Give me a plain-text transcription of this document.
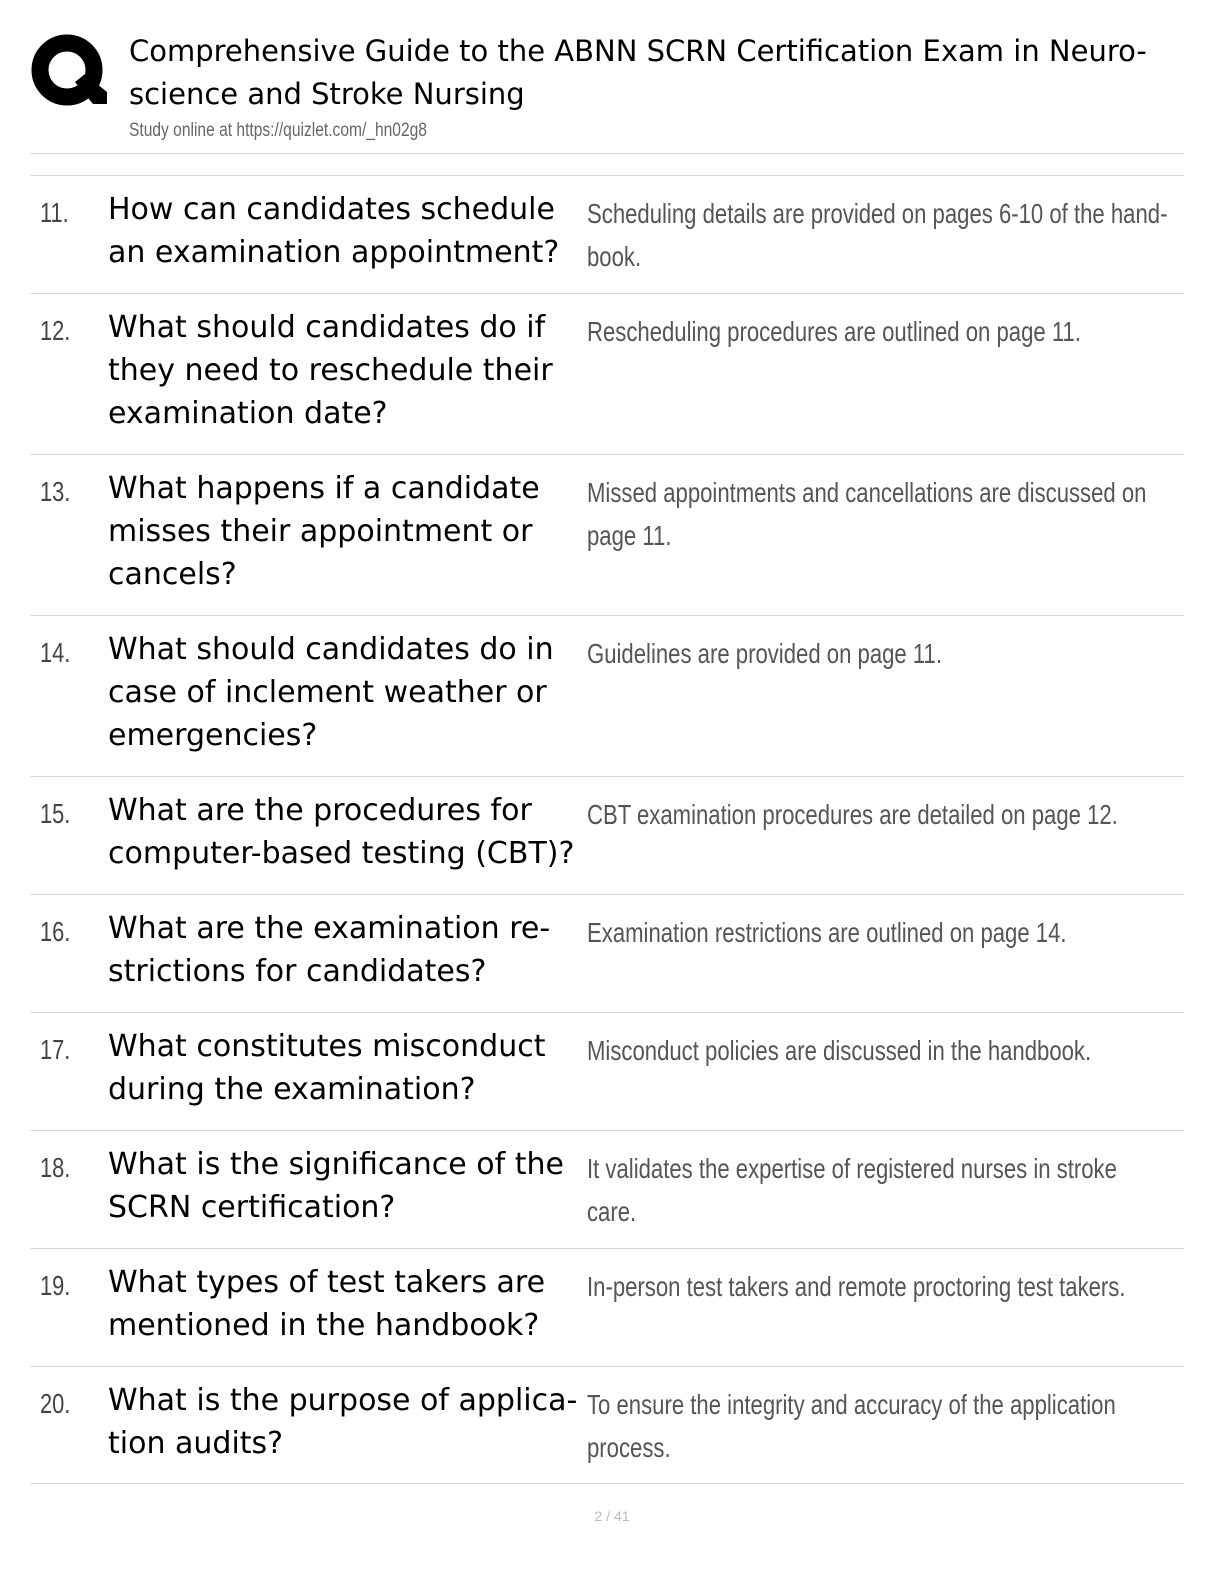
Comprehensive Guide to the ABNN SCRN Certification Exam in Neuro-science and Stroke Nursing
Study online at https://quizlet.com/_hn02g8
11. How can candidates schedule an examination appointment?
Scheduling details are provided on pages 6-10 of the hand-book.
12. What should candidates do if they need to reschedule their examination date?
Rescheduling procedures are outlined on page 11.
13. What happens if a candidate misses their appointment or cancels?
Missed appointments and cancellations are discussed on page 11.
14. What should candidates do in case of inclement weather or emergencies?
Guidelines are provided on page 11.
15. What are the procedures for computer-based testing (CBT)?
CBT examination procedures are detailed on page 12.
16. What are the examination re-strictions for candidates?
Examination restrictions are outlined on page 14.
17. What constitutes misconduct during the examination?
Misconduct policies are discussed in the handbook.
18. What is the significance of the SCRN certification?
It validates the expertise of registered nurses in stroke care.
19. What types of test takers are mentioned in the handbook?
In-person test takers and remote proctoring test takers.
20. What is the purpose of applica-tion audits?
To ensure the integrity and accuracy of the application process.
2 / 41
